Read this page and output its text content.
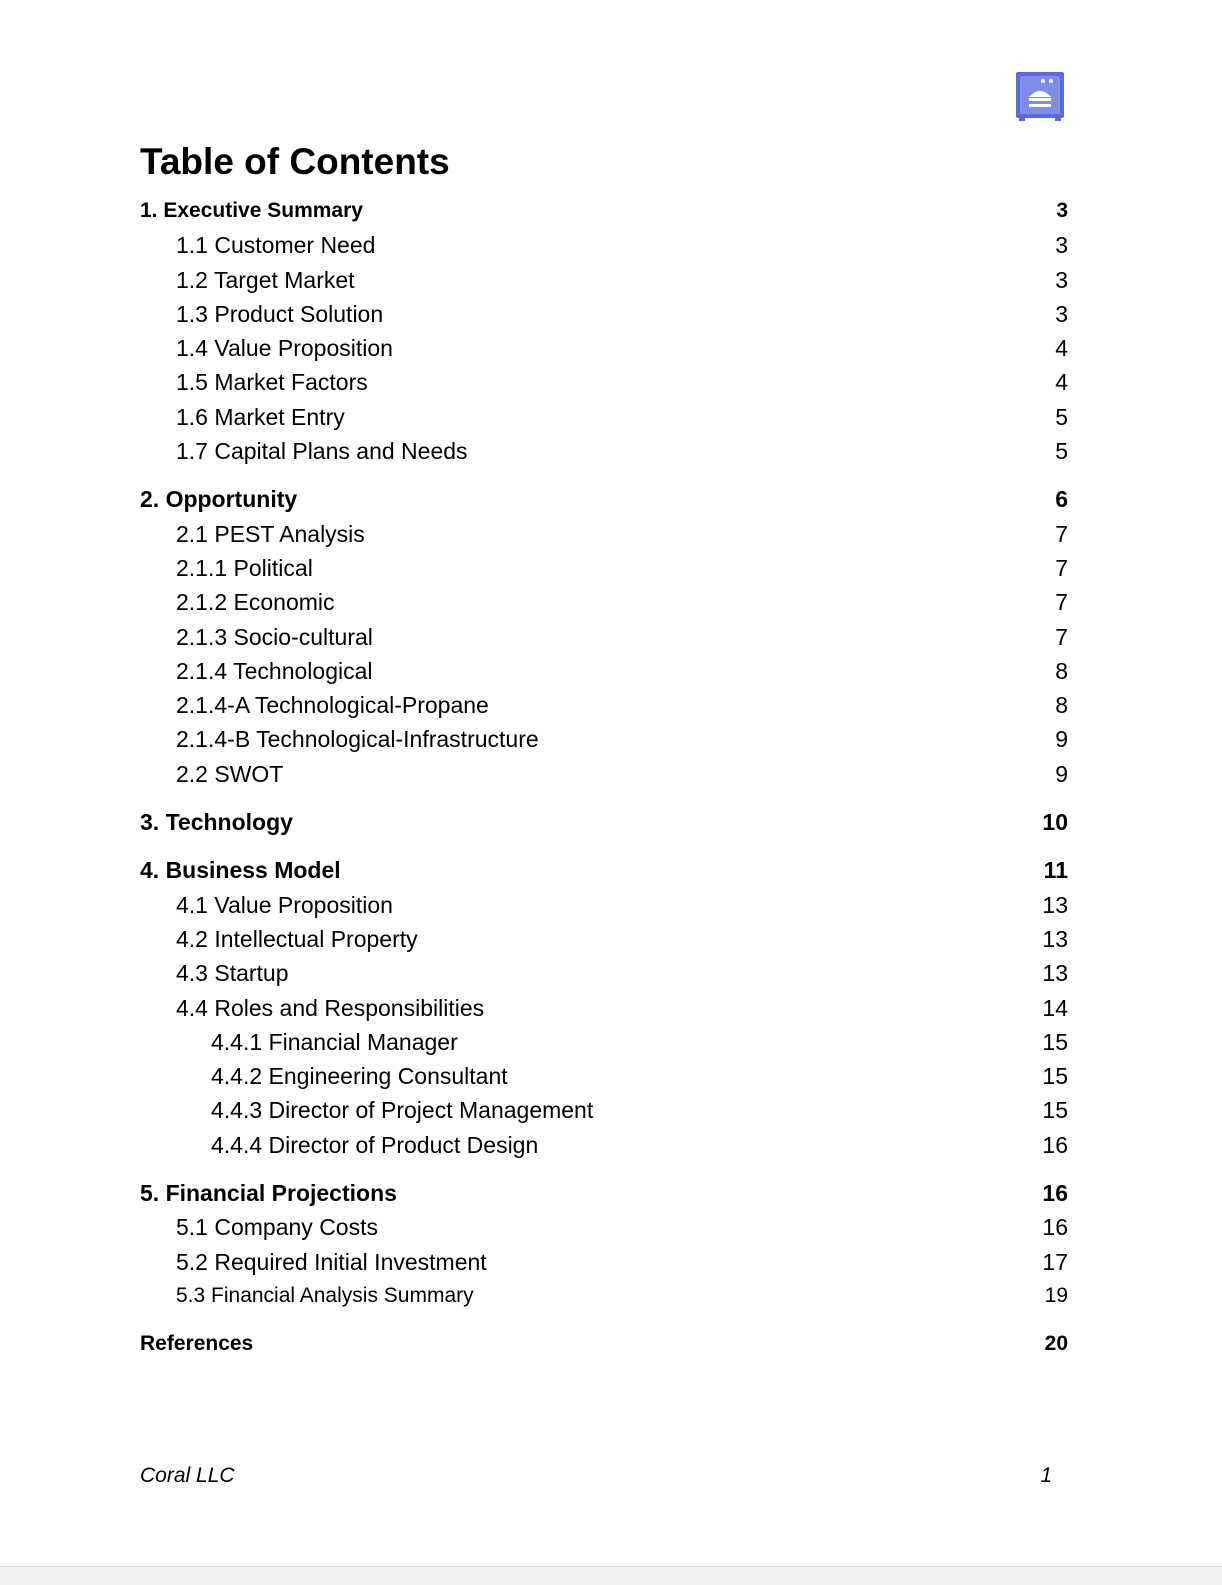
Table of Contents
1. Executive Summary	3
1.1 Customer Need	3
1.2 Target Market	3
1.3 Product Solution	3
1.4 Value Proposition	4
1.5 Market Factors	4
1.6 Market Entry	5
1.7 Capital Plans and Needs	5
2. Opportunity	6
2.1 PEST Analysis	7
2.1.1 Political	7
2.1.2 Economic	7
2.1.3 Socio-cultural	7
2.1.4 Technological	8
2.1.4-A Technological-Propane	8
2.1.4-B Technological-Infrastructure	9
2.2 SWOT	9
3. Technology	10
4. Business Model	11
4.1 Value Proposition	13
4.2 Intellectual Property	13
4.3 Startup	13
4.4 Roles and Responsibilities	14
4.4.1 Financial Manager	15
4.4.2 Engineering Consultant	15
4.4.3 Director of Project Management	15
4.4.4 Director of Product Design	16
5. Financial Projections	16
5.1 Company Costs	16
5.2 Required Initial Investment	17
5.3 Financial Analysis Summary	19
References	20
Coral LLC	1
